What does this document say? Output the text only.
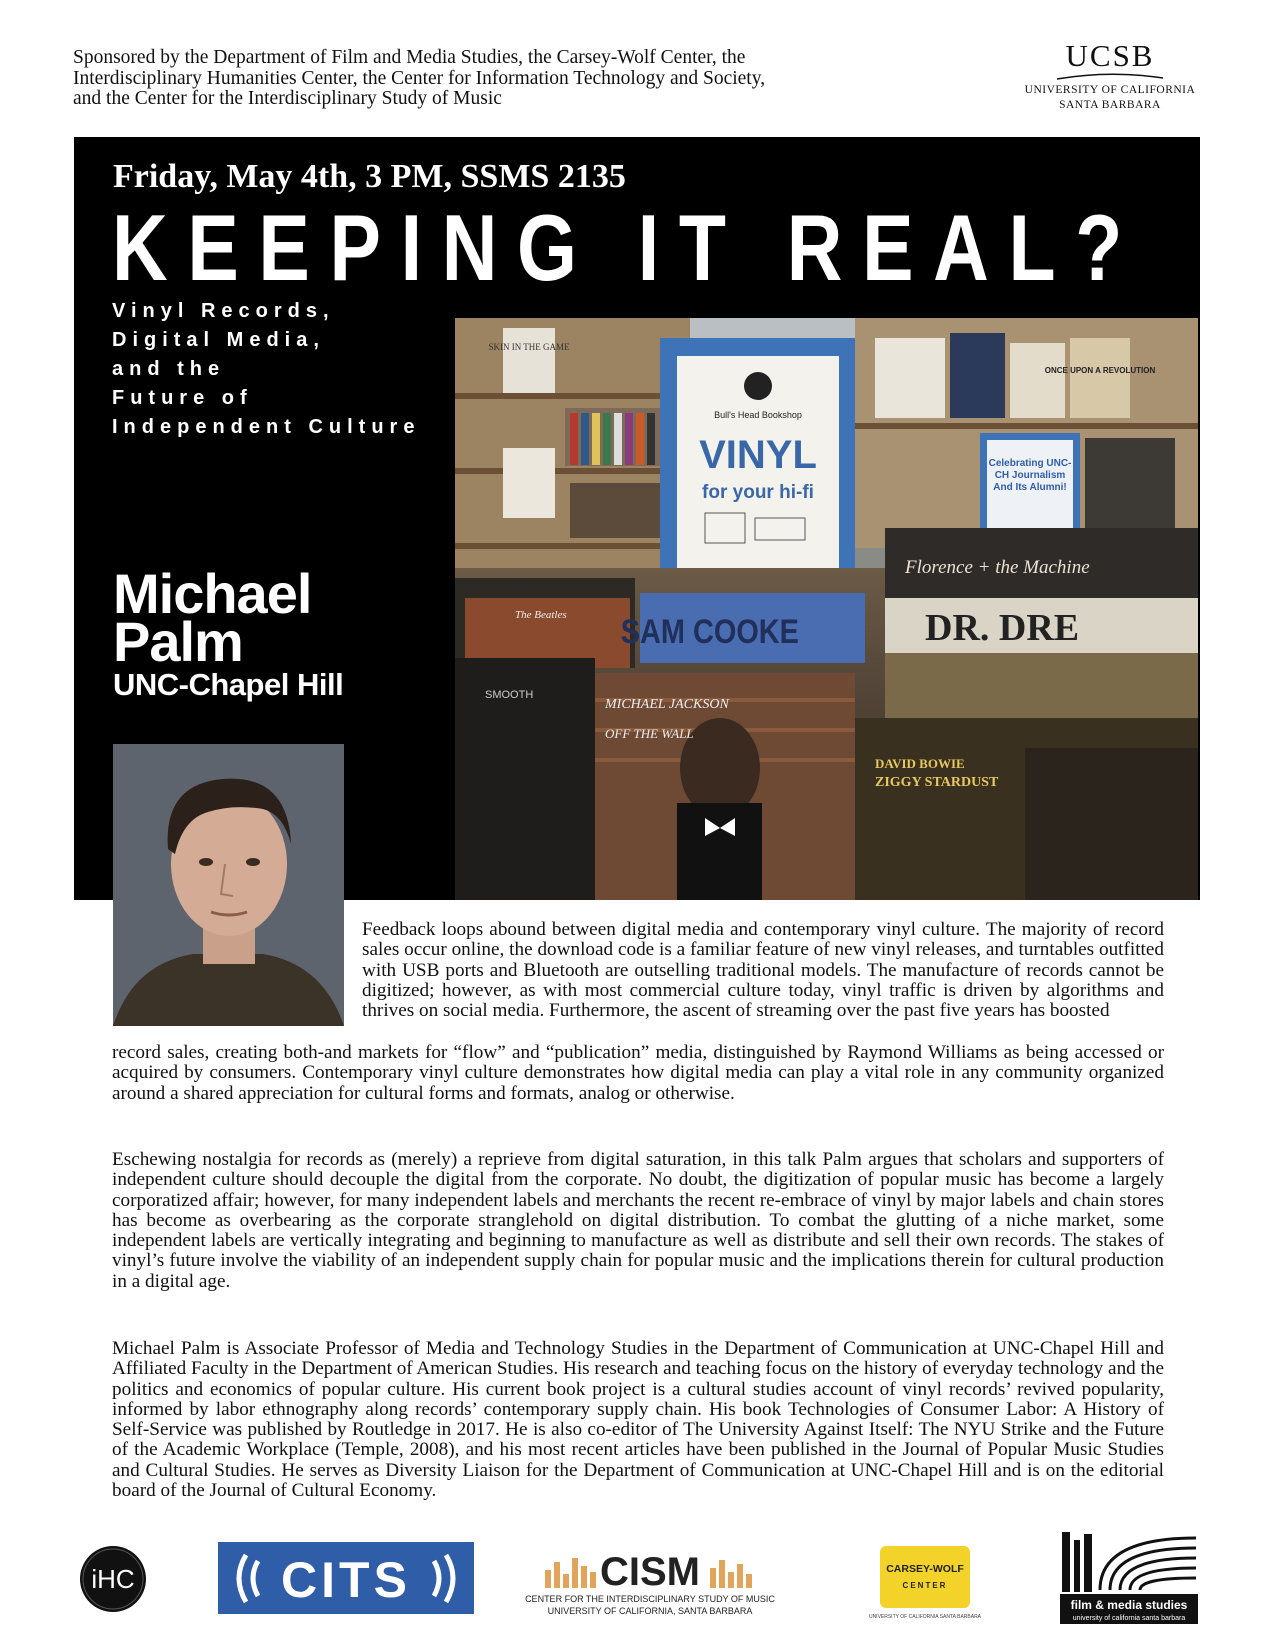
Sponsored by the Department of Film and Media Studies, the Carsey-Wolf Center, the
Interdisciplinary Humanities Center, the Center for Information Technology and Society,
and the Center for the Interdisciplinary Study of Music
UCSB
UNIVERSITY OF CALIFORNIA
SANTA BARBARA
Friday, May 4th, 3 PM, SSMS 2135
KEEPING IT REAL?
Vinyl Records,
Digital Media,
and the
Future of
Independent Culture
Michael
Palm
UNC-Chapel Hill
SKIN IN THE GAME
Bull's Head Bookshop
VINYL
for your hi-fi
ONCE UPON A REVOLUTION
Celebrating UNC-CH Journalism And Its Alumni!
The Beatles SAM COOKE
Florence + the Machine
DR. DRE
SMOOTH
MICHAEL JACKSON
OFF THE WALL
DAVID BOWIE
ZIGGY STARDUST
Feedback loops abound between digital media and contemporary vinyl culture. The majority of record sales occur online, the download code is a familiar feature of new vinyl releases, and turntables outfitted with USB ports and Bluetooth are outselling traditional models. The manufacture of records cannot be digitized; however, as with most commercial culture today, vinyl traffic is driven by algorithms and thrives on social media. Furthermore, the ascent of streaming over the past five years has boosted
record sales, creating both-and markets for “flow” and “publication” media, distinguished by Raymond Williams as being accessed or acquired by consumers. Contemporary vinyl culture demonstrates how digital media can play a vital role in any community organized around a shared appreciation for cultural forms and formats, analog or otherwise.
Eschewing nostalgia for records as (merely) a reprieve from digital saturation, in this talk Palm argues that scholars and supporters of independent culture should decouple the digital from the corporate. No doubt, the digitization of popular music has become a largely corporatized affair; however, for many independent labels and merchants the recent re-embrace of vinyl by major labels and chain stores has become as overbearing as the corporate stranglehold on digital distribution. To combat the glutting of a niche market, some independent labels are vertically integrating and beginning to manufacture as well as distribute and sell their own records. The stakes of vinyl’s future involve the viability of an independent supply chain for popular music and the implications therein for cultural production in a digital age.
Michael Palm is Associate Professor of Media and Technology Studies in the Department of Communication at UNC-Chapel Hill and Affiliated Faculty in the Department of American Studies. His research and teaching focus on the history of everyday technology and the politics and economics of popular culture. His current book project is a cultural studies account of vinyl records’ revived popularity, informed by labor ethnography along records’ contemporary supply chain. His book Technologies of Consumer Labor: A History of Self-Service was published by Routledge in 2017. He is also co-editor of The University Against Itself: The NYU Strike and the Future of the Academic Workplace (Temple, 2008), and his most recent articles have been published in the Journal of Popular Music Studies and Cultural Studies. He serves as Diversity Liaison for the Department of Communication at UNC-Chapel Hill and is on the editorial board of the Journal of Cultural Economy.
iHC	CITS	CISM
CENTER FOR THE INTERDISCIPLINARY STUDY OF MUSIC
UNIVERSITY OF CALIFORNIA, SANTA BARBARA
CARSEY-WOLF
CENTER
UNIVERSITY OF CALIFORNIA SANTA BARBARA
film & media studies
university of california santa barbara
